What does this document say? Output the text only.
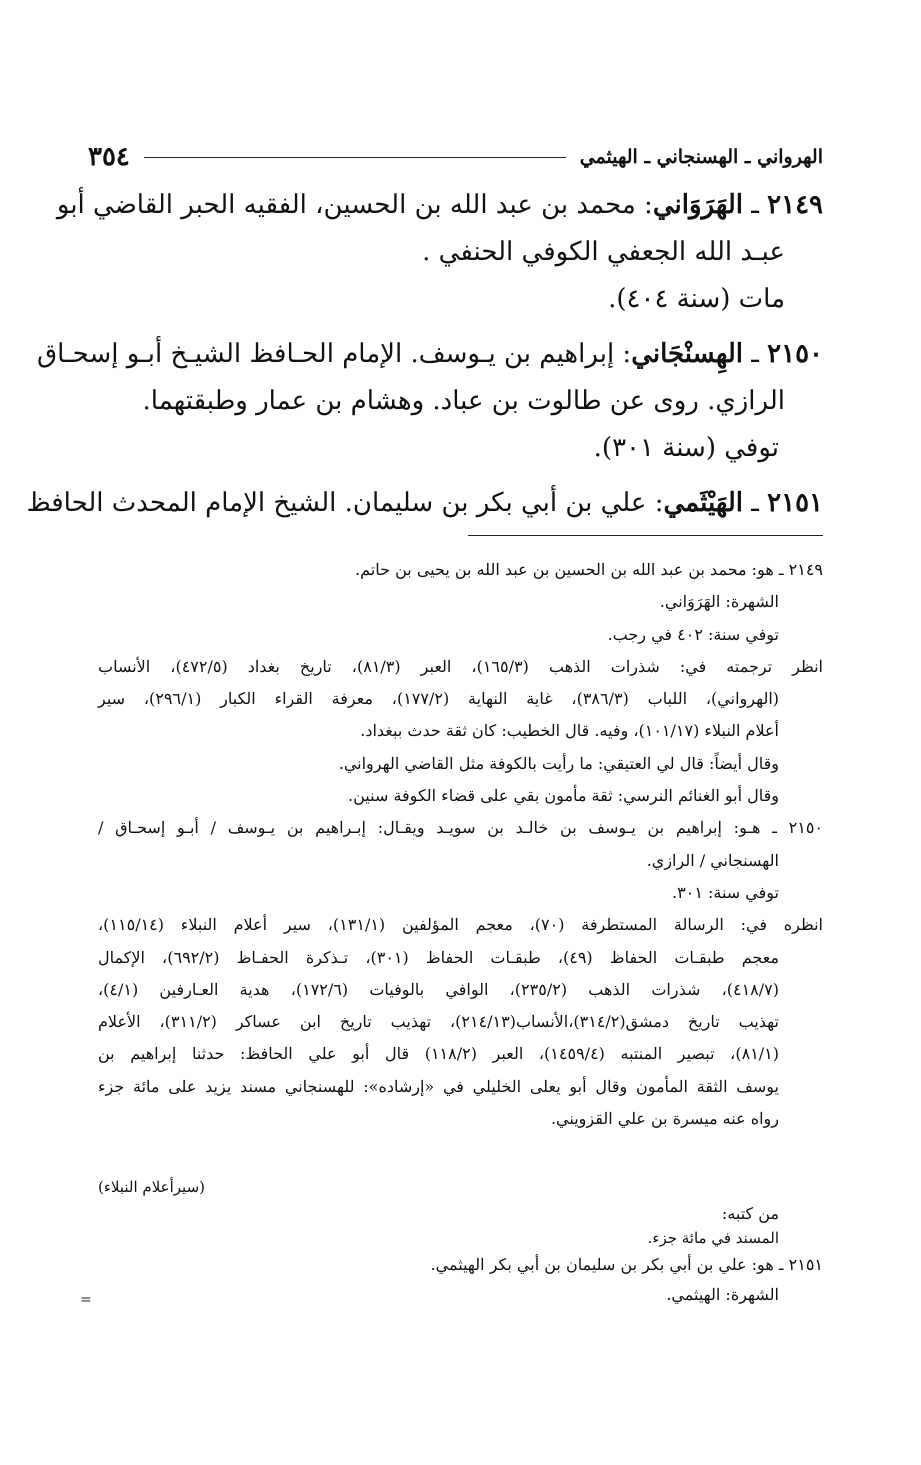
الهرواني ـ الهسنجاني ـ الهيثمي
٣٥٤
٢١٤٩ ـ الهَرَوَاني: محمد بن عبد الله بن الحسين، الفقيه الحبر القاضي أبو
عبـد الله الجعفي الكوفي الحنفي .
مات (سنة ٤٠٤).
٢١٥٠ ـ الهِسنْجَاني: إبراهيم بن يـوسف. الإمام الحـافظ الشيـخ أبـو إسحـاق
الرازي. روى عن طالوت بن عباد. وهشام بن عمار وطبقتهما.
توفي (سنة ٣٠١).
٢١٥١ ـ الهَيْثَمي: علي بن أبي بكر بن سليمان. الشيخ الإمام المحدث الحافظ
٢١٤٩ ـ هو: محمد بن عبد الله بن الحسين بن عبد الله بن يحيى بن حاتم.
الشهرة: الهَرَوَاني.
توفي سنة: ٤٠٢ في رجب.
انظر ترجمته في: شذرات الذهب (١٦٥/٣)، العبر (٨١/٣)، تاريخ بغداد (٤٧٢/٥)، الأنساب
(الهرواني)، اللباب (٣٨٦/٣)، غاية النهاية (١٧٧/٢)، معرفة القراء الكبار (٢٩٦/١)، سير
أعلام النبلاء (١٠١/١٧)، وفيه. قال الخطيب: كان ثقة حدث ببغداد.
وقال أيضاً: قال لي العتيقي: ما رأيت بالكوفة مثل القاضي الهرواني.
وقال أبو الغنائم النرسي: ثقة مأمون بقي على قضاء الكوفة سنين.
٢١٥٠ ـ هـو: إبراهيم بن يـوسف بن خالـد بن سويـد ويقـال: إبـراهيم بن يـوسف / أبـو إسحـاق /
الهسنجاني / الرازي.
توفي سنة: ٣٠١.
انظره في: الرسالة المستطرفة (٧٠)، معجم المؤلفين (١٣١/١)، سير أعلام النبلاء (١١٥/١٤)،
معجم طبقـات الحفاظ (٤٩)، طبقـات الحفاظ (٣٠١)، تـذكرة الحفـاظ (٦٩٢/٢)، الإكمال
(٤١٨/٧)، شذرات الذهب (٢٣٥/٢)، الوافي بالوفيات (١٧٢/٦)، هدية العـارفين (٤/١)،
تهذيب تاريخ دمشق(٣١٤/٢)،الأنساب(٢١٤/١٣)، تهذيب تاريخ ابن عساكر (٣١١/٢)، الأعلام
(٨١/١)، تبصير المنتبه (١٤٥٩/٤)، العبر (١١٨/٢) قال أبو علي الحافظ: حدثنا إبراهيم بن
يوسف الثقة المأمون وقال أبو يعلى الخليلي في «إرشاده»: للهسنجاني مسند يزيد على مائة جزء
رواه عنه ميسرة بن علي القزويني.
(سيرأعلام النبلاء)
من كتبه:
المسند في مائة جزء.
٢١٥١ ـ هو: علي بن أبي بكر بن سليمان بن أبي بكر الهيثمي.
الشهرة: الهيثمي.
=
